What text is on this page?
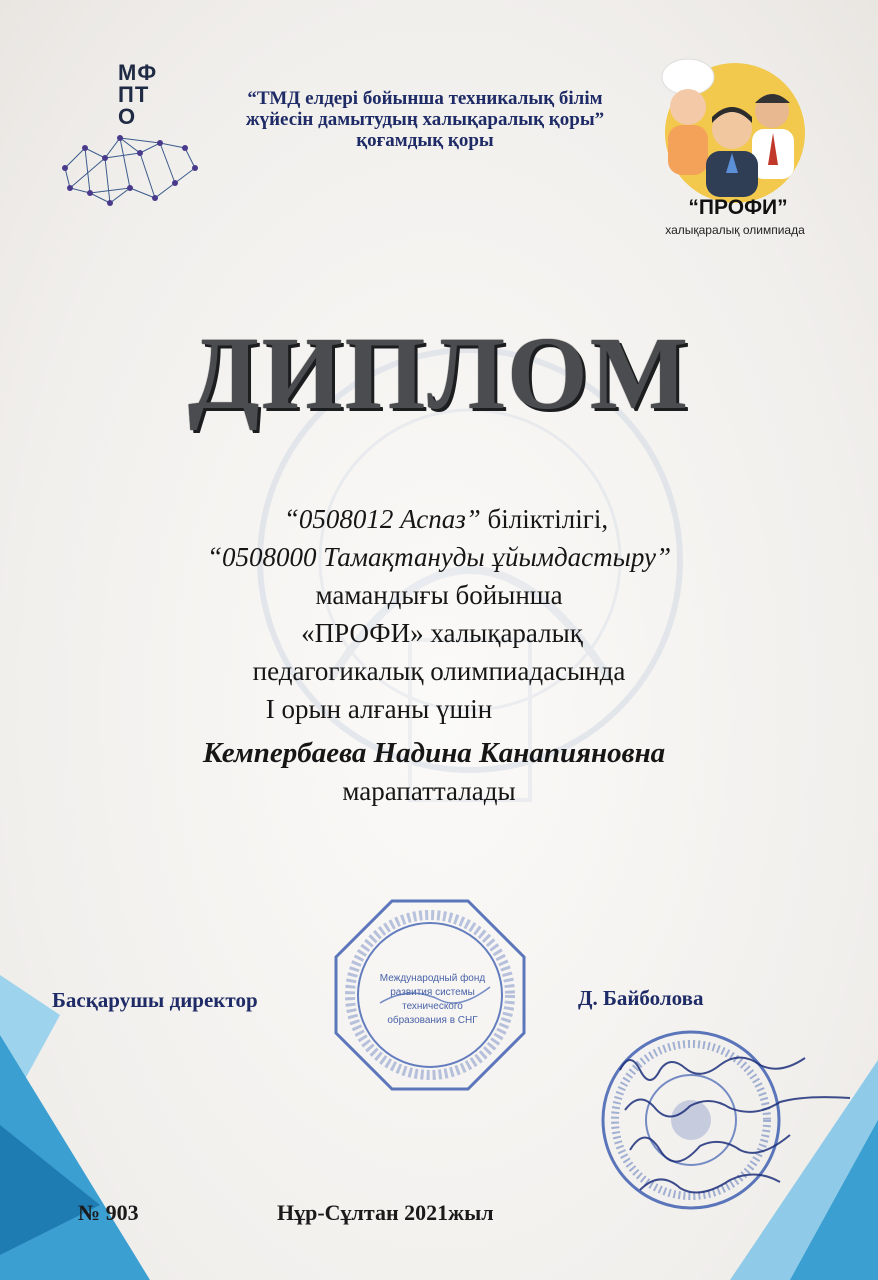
МФ
ПТ
О
“ТМД елдері бойынша техникалық білім
жүйесін дамытудың халықаралық қоры”
қоғамдық қоры
“ПРОФИ”
халықаралық олимпиада
ДИПЛОМ
“0508012 Аспаз” біліктілігі,
“0508000 Тамақтануды ұйымдастыру”
мамандығы бойынша
«ПРОФИ» халықаралық
педагогикалық олимпиадасында
I орын алғаны үшін
Кемпербаева Надина Канапияновна
марапатталады
Басқарушы директор	Д. Байболова
Международный фонд
развития системы
технического
образования в СНГ
№ 903	Нұр-Сұлтан 2021жыл
